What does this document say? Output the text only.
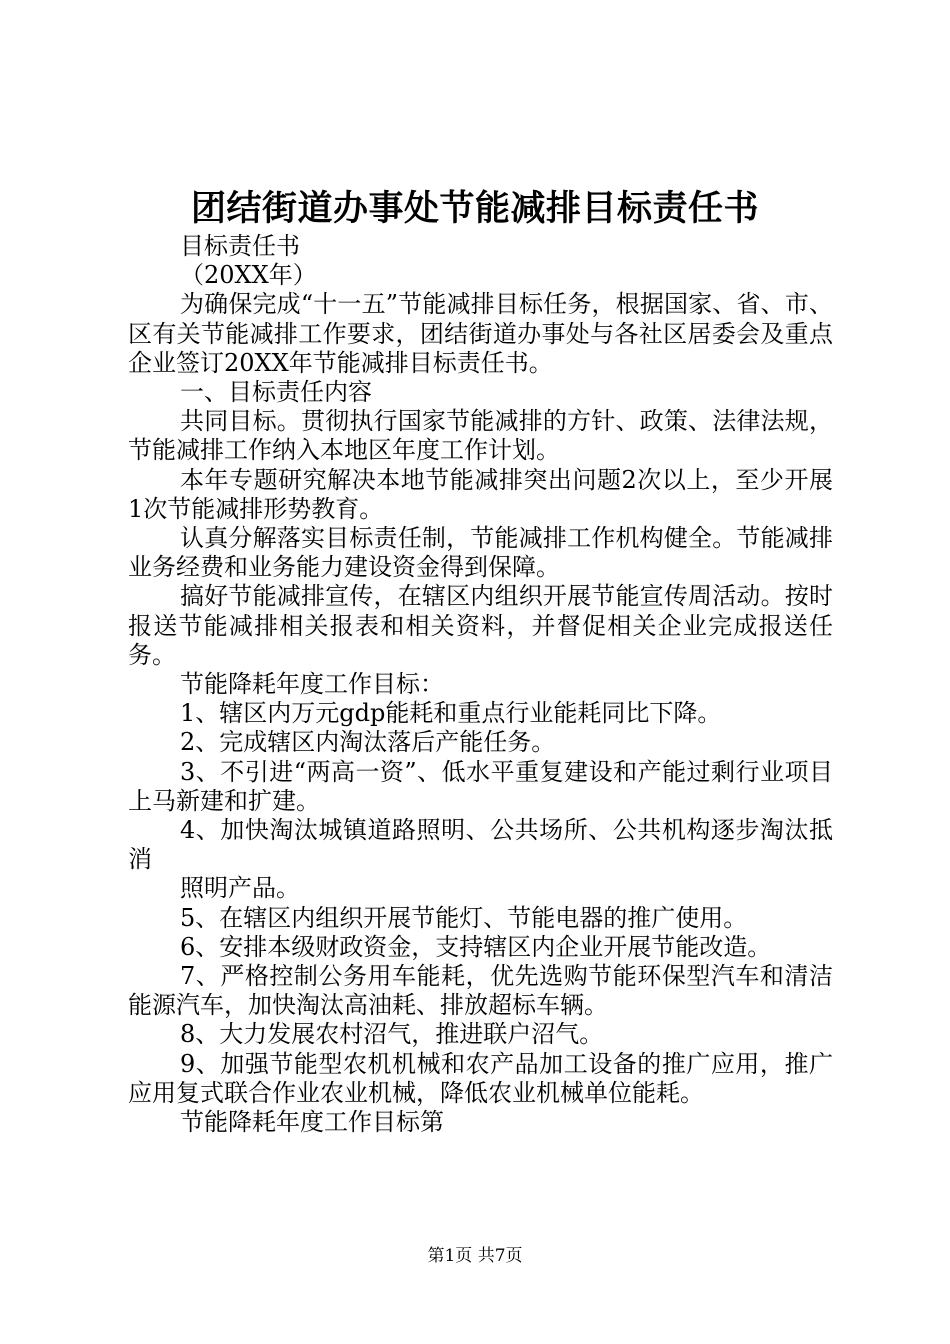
团结街道办事处节能减排目标责任书

目标责任书

（20XX年）

为确保完成“十一五”节能减排目标任务，根据国家、省、市、区有关节能减排工作要求，团结街道办事处与各社区居委会及重点企业签订20XX年节能减排目标责任书。

一、目标责任内容

共同目标。贯彻执行国家节能减排的方针、政策、法律法规，节能减排工作纳入本地区年度工作计划。

本年专题研究解决本地节能减排突出问题2次以上，至少开展1次节能减排形势教育。

认真分解落实目标责任制，节能减排工作机构健全。节能减排业务经费和业务能力建设资金得到保障。

搞好节能减排宣传，在辖区内组织开展节能宣传周活动。按时报送节能减排相关报表和相关资料，并督促相关企业完成报送任务。

节能降耗年度工作目标：

1、辖区内万元gdp能耗和重点行业能耗同比下降。

2、完成辖区内淘汰落后产能任务。

3、不引进“两高一资”、低水平重复建设和产能过剩行业项目上马新建和扩建。

4、加快淘汰城镇道路照明、公共场所、公共机构逐步淘汰抵消

照明产品。

5、在辖区内组织开展节能灯、节能电器的推广使用。

6、安排本级财政资金，支持辖区内企业开展节能改造。

7、严格控制公务用车能耗，优先选购节能环保型汽车和清洁能源汽车，加快淘汰高油耗、排放超标车辆。

8、大力发展农村沼气，推进联户沼气。

9、加强节能型农机机械和农产品加工设备的推广应用，推广应用复式联合作业农业机械，降低农业机械单位能耗。

节能降耗年度工作目标第

第1页 共7页
